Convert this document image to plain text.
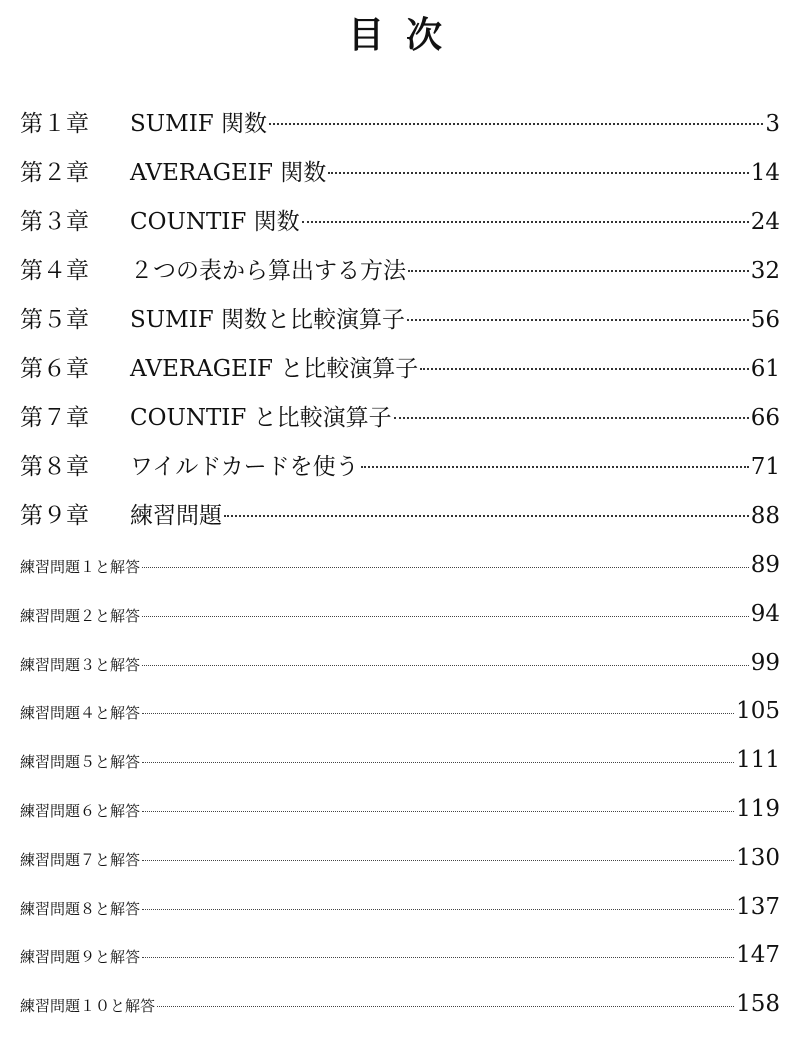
目次
第１章	SUMIF 関数	3
第２章	AVERAGEIF 関数	14
第３章	COUNTIF 関数	24
第４章	２つの表から算出する方法	32
第５章	SUMIF 関数と比較演算子	56
第６章	AVERAGEIF と比較演算子	61
第７章	COUNTIF と比較演算子	66
第８章	ワイルドカードを使う	71
第９章	練習問題	88
練習問題１と解答	89
練習問題２と解答	94
練習問題３と解答	99
練習問題４と解答	105
練習問題５と解答	111
練習問題６と解答	119
練習問題７と解答	130
練習問題８と解答	137
練習問題９と解答	147
練習問題１０と解答	158
